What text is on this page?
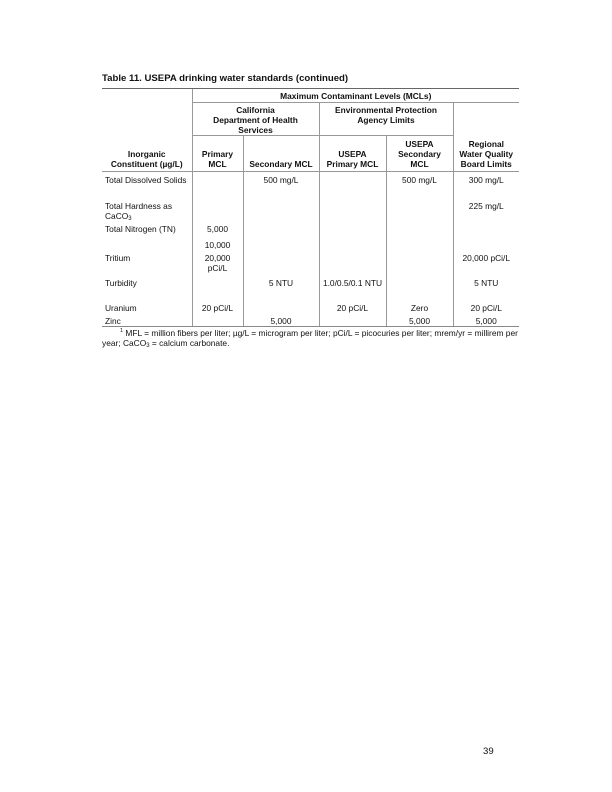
Table 11. USEPA drinking water standards (continued)
	Maximum Contaminant Levels (MCLs)				
	California Department of Health Services		Environmental Protection Agency Limits		
Inorganic Constituent (µg/L)	Primary MCL	Secondary MCL	USEPA Primary MCL	USEPA Secondary MCL	Regional Water Quality Board Limits
Total Dissolved Solids		500 mg/L		500 mg/L	300 mg/L
Total Hardness as CaCO$_3$					225 mg/L
Total Nitrogen (TN)	5,000				
	10,000				
Tritium	20,000 pCi/L				20,000 pCi/L
Turbidity		5 NTU	1.0/0.5/0.1 NTU		5 NTU
Uranium	20 pCi/L		20 pCi/L	Zero	20 pCi/L
Zinc		5,000		5,000	5,000
$^1$ MFL = million fibers per liter; µg/L = microgram per liter; pCi/L = picocuries per liter; mrem/yr = millirem per year; CaCO$_3$ = calcium carbonate.
39
